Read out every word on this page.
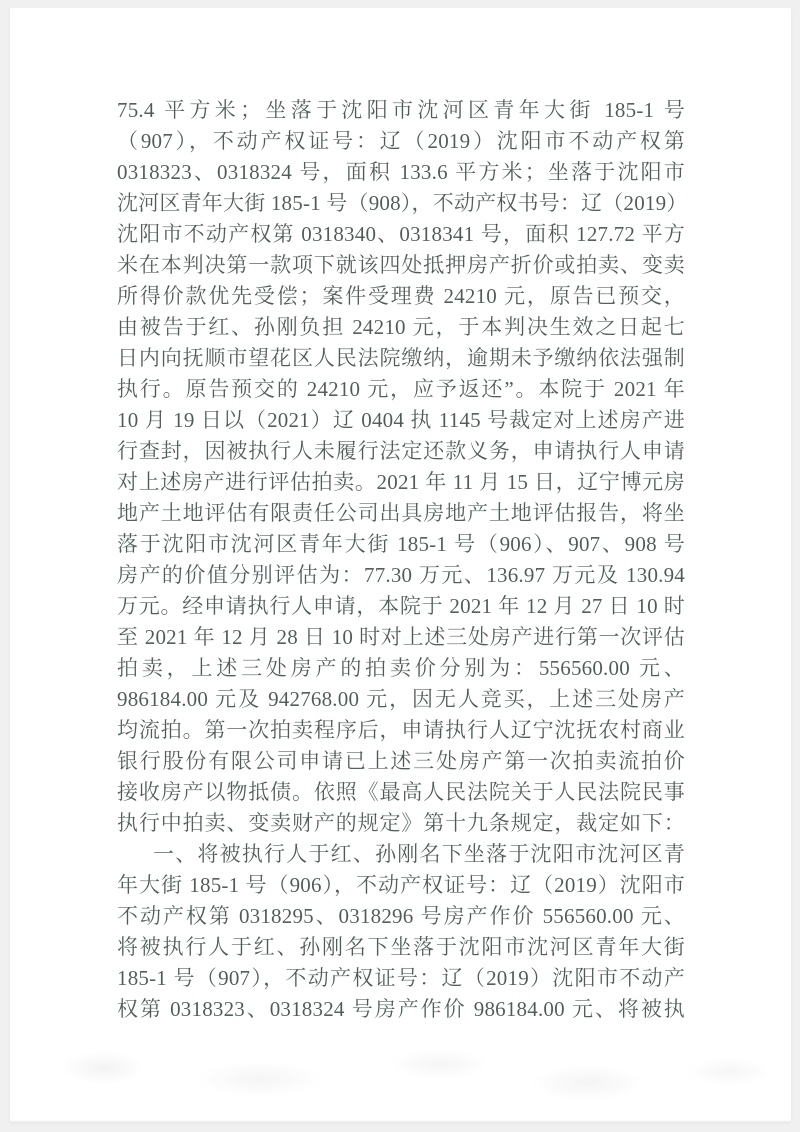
75.4 平方米；坐落于沈阳市沈河区青年大街 185-1 号
（907），不动产权证号：辽（2019）沈阳市不动产权第
0318323、0318324 号，面积 133.6 平方米；坐落于沈阳市
沈河区青年大街 185-1 号（908），不动产权书号：辽（2019）
沈阳市不动产权第 0318340、0318341 号，面积 127.72 平方
米在本判决第一款项下就该四处抵押房产折价或拍卖、变卖
所得价款优先受偿；案件受理费 24210 元，原告已预交，
由被告于红、孙刚负担 24210 元，于本判决生效之日起七
日内向抚顺市望花区人民法院缴纳，逾期未予缴纳依法强制
执行。原告预交的 24210 元，应予返还”。本院于 2021 年
10 月 19 日以（2021）辽 0404 执 1145 号裁定对上述房产进
行查封，因被执行人未履行法定还款义务，申请执行人申请
对上述房产进行评估拍卖。2021 年 11 月 15 日，辽宁博元房
地产土地评估有限责任公司出具房地产土地评估报告，将坐
落于沈阳市沈河区青年大街 185-1 号（906）、907、908 号
房产的价值分别评估为：77.30 万元、136.97 万元及 130.94
万元。经申请执行人申请，本院于 2021 年 12 月 27 日 10 时
至 2021 年 12 月 28 日 10 时对上述三处房产进行第一次评估
拍卖，上述三处房产的拍卖价分别为：556560.00 元、
986184.00 元及 942768.00 元，因无人竞买，上述三处房产
均流拍。第一次拍卖程序后，申请执行人辽宁沈抚农村商业
银行股份有限公司申请已上述三处房产第一次拍卖流拍价
接收房产以物抵债。依照《最高人民法院关于人民法院民事
执行中拍卖、变卖财产的规定》第十九条规定，裁定如下：
一、将被执行人于红、孙刚名下坐落于沈阳市沈河区青
年大街 185-1 号（906），不动产权证号：辽（2019）沈阳市
不动产权第 0318295、0318296 号房产作价 556560.00 元、
将被执行人于红、孙刚名下坐落于沈阳市沈河区青年大街
185-1 号（907），不动产权证号：辽（2019）沈阳市不动产
权第 0318323、0318324 号房产作价 986184.00 元、将被执
